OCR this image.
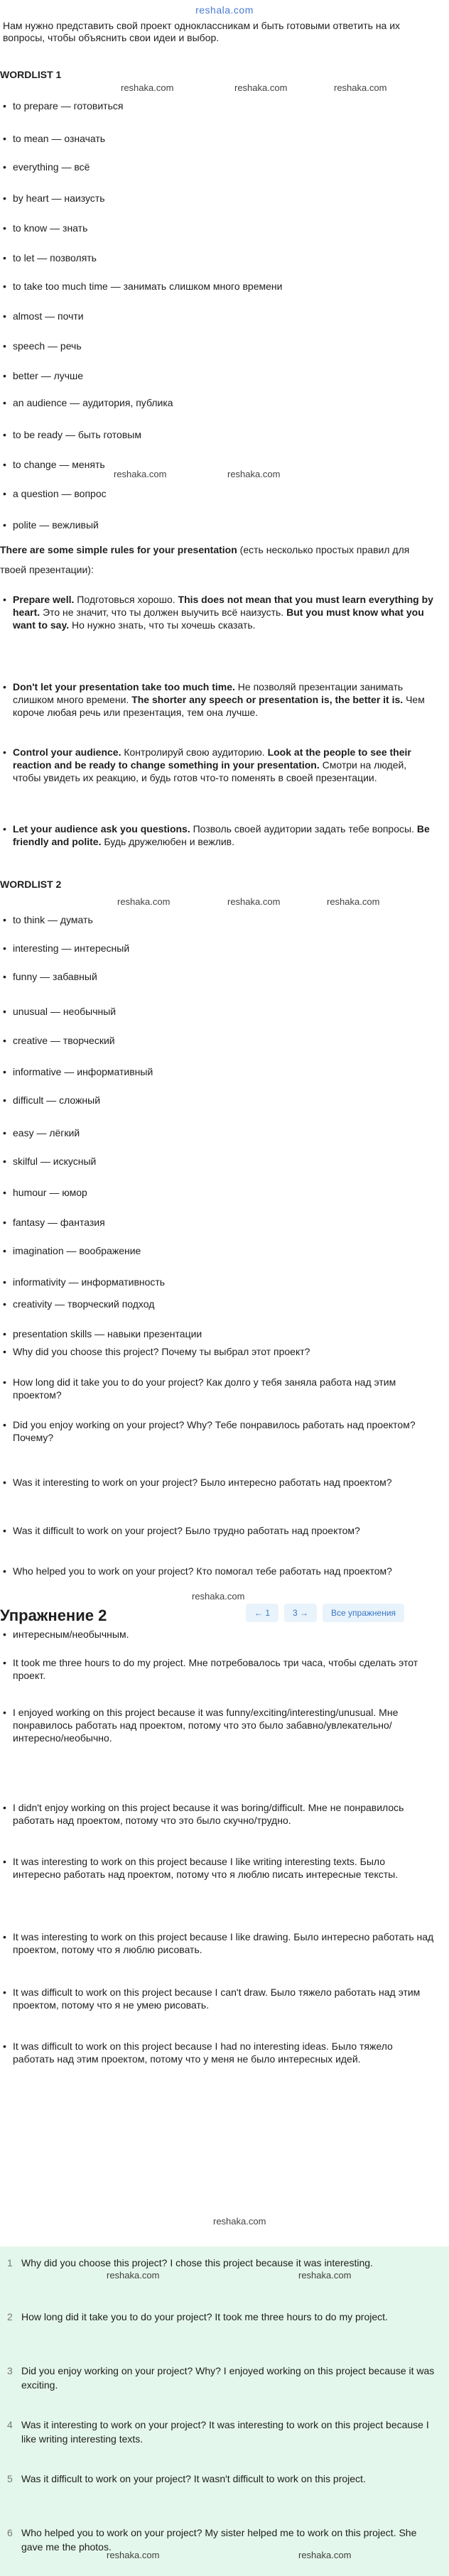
reshala.com
Нам нужно представить свой проект одноклассникам и быть готовыми ответить на их вопросы, чтобы объяснить свои идеи и выбор.
WORDLIST 1
• to prepare — готовиться
• to mean — означать
• everything — всё
• by heart — наизусть
• to know — знать
• to let — позволять
• to take too much time — занимать слишком много времени
• almost — почти
• speech — речь
• better — лучше
• an audience — аудитория, публика
• to be ready — быть готовым
• to change — менять
• a question — вопрос
• polite — вежливый
There are some simple rules for your presentation (есть несколько простых правил для твоей презентации):
• Prepare well. Подготовься хорошо. This does not mean that you must learn everything by heart. Это не значит, что ты должен выучить всё наизусть. But you must know what you want to say. Но нужно знать, что ты хочешь сказать.
• Don't let your presentation take too much time. Не позволяй презентации занимать слишком много времени. The shorter any speech or presentation is, the better it is. Чем короче любая речь или презентация, тем она лучше.
• Control your audience. Контролируй свою аудиторию. Look at the people to see their reaction and be ready to change something in your presentation. Смотри на людей, чтобы увидеть их реакцию, и будь готов что-то поменять в своей презентации.
• Let your audience ask you questions. Позволь своей аудитории задать тебе вопросы. Be friendly and polite. Будь дружелюбен и вежлив.
WORDLIST 2
• to think — думать
• interesting — интересный
• funny — забавный
• unusual — необычный
• creative — творческий
• informative — информативный
• difficult — сложный
• easy — лёгкий
• skilful — искусный
• humour — юмор
• fantasy — фантазия
• imagination — воображение
• informativity — информативность
• creativity — творческий подход
• presentation skills — навыки презентации
• Why did you choose this project? Почему ты выбрал этот проект?
• How long did it take you to do your project? Как долго у тебя заняла работа над этим проектом?
• Did you enjoy working on your project? Why? Тебе понравилось работать над проектом? Почему?
• Was it interesting to work on your project? Было интересно работать над проектом?
• Was it difficult to work on your project? Было трудно работать над проектом?
• Who helped you to work on your project? Кто помогал тебе работать над проектом?
Упражнение 2	← 1	3 →	Все упражнения
• интересным/необычным.
• It took me three hours to do my project. Мне потребовалось три часа, чтобы сделать этот проект.
• I enjoyed working on this project because it was funny/exciting/interesting/unusual. Мне понравилось работать над проектом, потому что это было забавно/увлекательно/интересно/необычно.
• I didn't enjoy working on this project because it was boring/difficult. Мне не понравилось работать над проектом, потому что это было скучно/трудно.
• It was interesting to work on this project because I like writing interesting texts. Было интересно работать над проектом, потому что я люблю писать интересные тексты.
• It was interesting to work on this project because I like drawing. Было интересно работать над проектом, потому что я люблю рисовать.
• It was difficult to work on this project because I can't draw. Было тяжело работать над этим проектом, потому что я не умею рисовать.
• It was difficult to work on this project because I had no interesting ideas. Было тяжело работать над этим проектом, потому что у меня не было интересных идей.
1 Why did you choose this project? I chose this project because it was interesting.
2 How long did it take you to do your project? It took me three hours to do my project.
3 Did you enjoy working on your project? Why? I enjoyed working on this project because it was exciting.
4 Was it interesting to work on your project? It was interesting to work on this project because I like writing interesting texts.
5 Was it difficult to work on your project? It wasn't difficult to work on this project.
6 Who helped you to work on your project? My sister helped me to work on this project. She gave me the photos.
reshaka.com	reshaka.com	reshaka.com
reshaka.com	reshaka.com
reshaka.com	reshaka.com	reshaka.com
reshaka.com
reshaka.com
reshaka.com	reshaka.com
reshaka.com	reshaka.com
